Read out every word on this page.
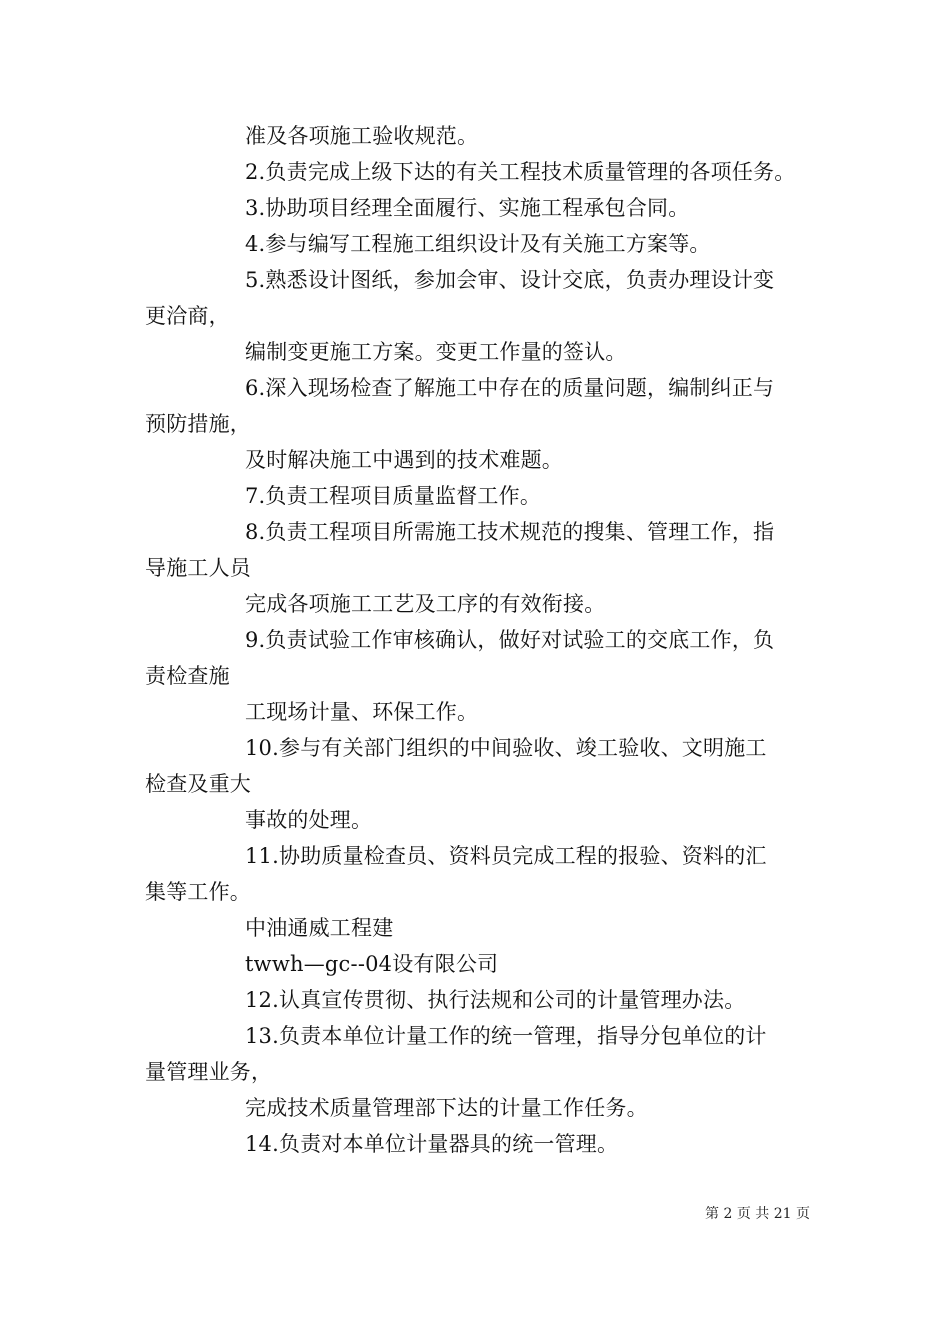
准及各项施工验收规范。
2.负责完成上级下达的有关工程技术质量管理的各项任务。
3.协助项目经理全面履行、实施工程承包合同。
4.参与编写工程施工组织设计及有关施工方案等。
5.熟悉设计图纸，参加会审、设计交底，负责办理设计变
更洽商，
编制变更施工方案。变更工作量的签认。
6.深入现场检查了解施工中存在的质量问题，编制纠正与
预防措施，
及时解决施工中遇到的技术难题。
7.负责工程项目质量监督工作。
8.负责工程项目所需施工技术规范的搜集、管理工作，指
导施工人员
完成各项施工工艺及工序的有效衔接。
9.负责试验工作审核确认，做好对试验工的交底工作，负
责检查施
工现场计量、环保工作。
10.参与有关部门组织的中间验收、竣工验收、文明施工
检查及重大
事故的处理。
11.协助质量检查员、资料员完成工程的报验、资料的汇
集等工作。
中油通威工程建
twwh—gc--04设有限公司
12.认真宣传贯彻、执行法规和公司的计量管理办法。
13.负责本单位计量工作的统一管理，指导分包单位的计
量管理业务，
完成技术质量管理部下达的计量工作任务。
14.负责对本单位计量器具的统一管理。
第 2 页 共 21 页
